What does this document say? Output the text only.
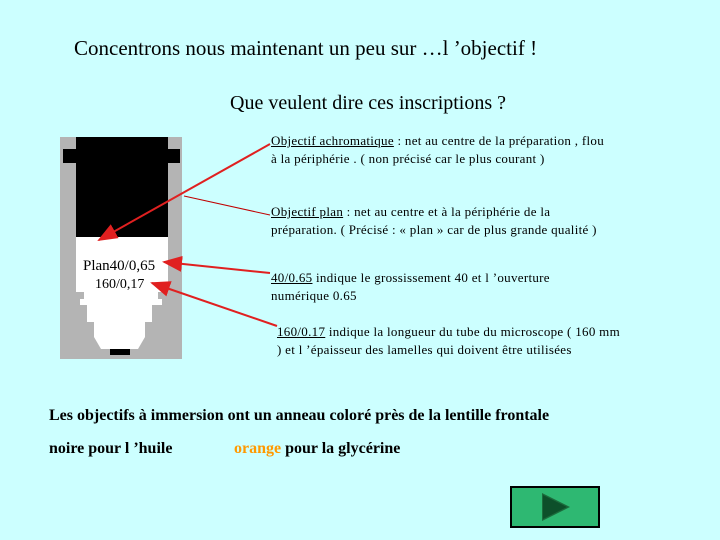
Concentrons nous maintenant un peu sur …l ’objectif !
Que veulent dire ces inscriptions ?
Plan40/0,65
160/0,17
Objectif achromatique : net au centre de la préparation , flou à la périphérie . ( non précisé car le plus courant )
Objectif plan : net au centre et à la périphérie de la préparation. ( Précisé : « plan » car de plus grande qualité )
40/0.65 indique le grossissement 40 et l ’ouverture numérique 0.65
160/0.17 indique la longueur du tube du microscope ( 160 mm ) et l ’épaisseur des lamelles qui doivent être utilisées
Les objectifs à immersion ont un anneau coloré près de la lentille frontale
noire pour l ’huile	orange pour la glycérine
